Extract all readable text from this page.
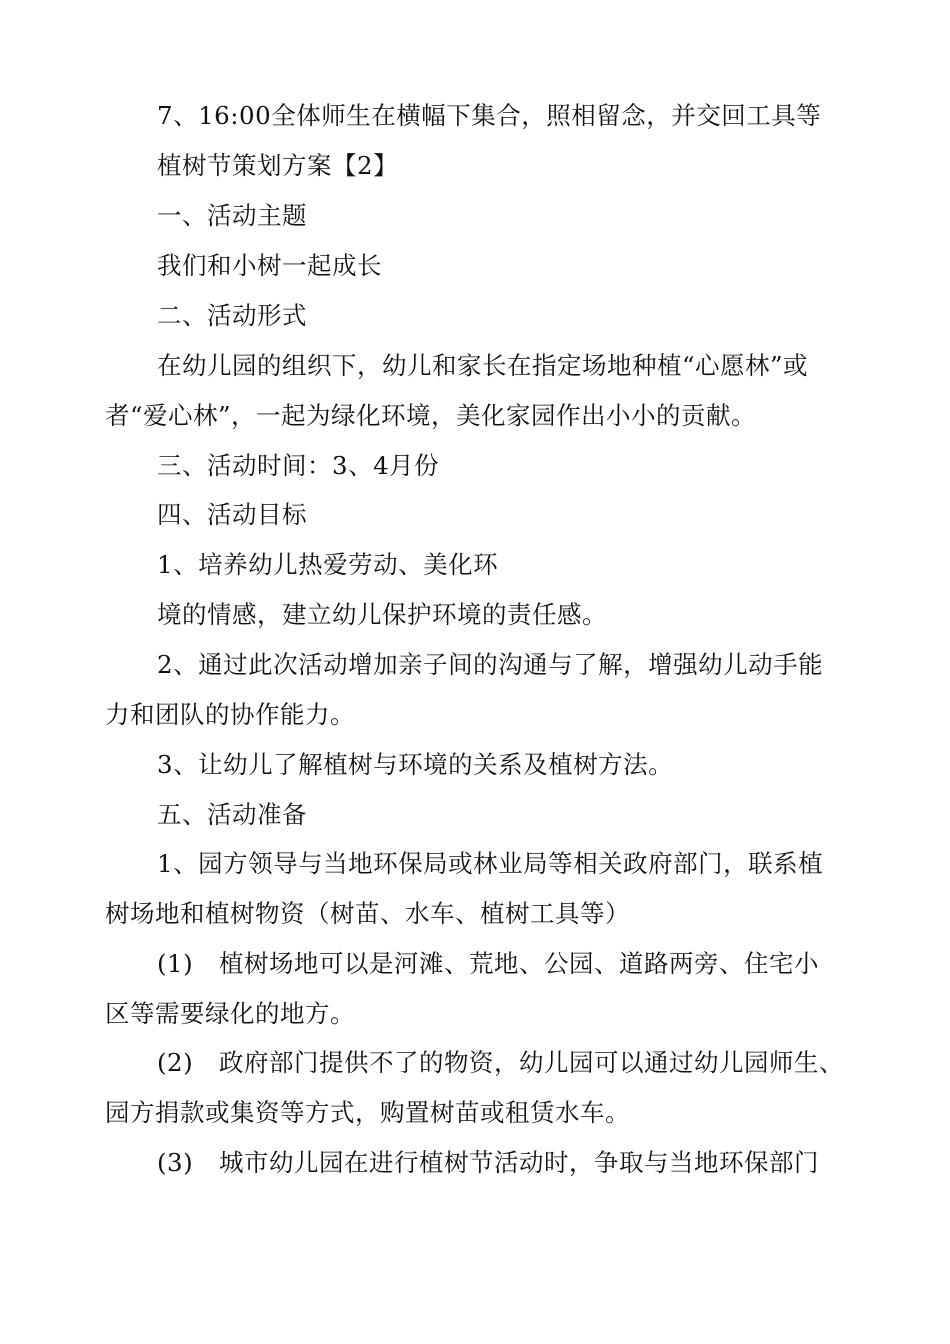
7、16:00全体师生在横幅下集合，照相留念，并交回工具等
植树节策划方案【2】
一、活动主题
我们和小树一起成长
二、活动形式
在幼儿园的组织下，幼儿和家长在指定场地种植“心愿林”或
者“爱心林”，一起为绿化环境，美化家园作出小小的贡献。
三、活动时间：3、4月份
四、活动目标
1、培养幼儿热爱劳动、美化环
境的情感，建立幼儿保护环境的责任感。
2、通过此次活动增加亲子间的沟通与了解，增强幼儿动手能
力和团队的协作能力。
3、让幼儿了解植树与环境的关系及植树方法。
五、活动准备
1、园方领导与当地环保局或林业局等相关政府部门，联系植
树场地和植树物资（树苗、水车、植树工具等）
(1) 植树场地可以是河滩、荒地、公园、道路两旁、住宅小
区等需要绿化的地方。
(2) 政府部门提供不了的物资，幼儿园可以通过幼儿园师生、
园方捐款或集资等方式，购置树苗或租赁水车。
(3) 城市幼儿园在进行植树节活动时，争取与当地环保部门
